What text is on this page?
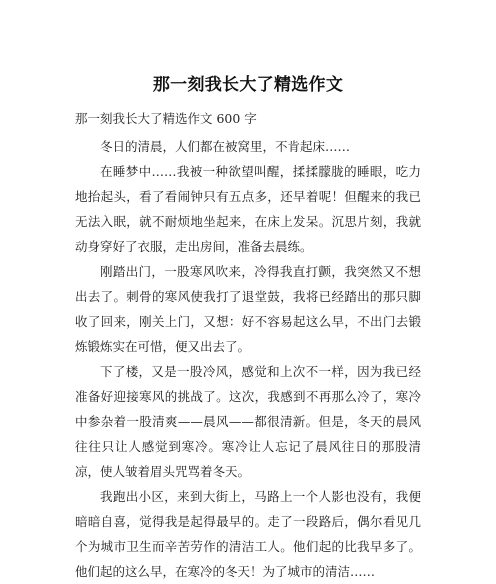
那一刻我长大了精选作文
那一刻我长大了精选作文 600 字

冬日的清晨，人们都在被窝里，不肯起床……

在睡梦中……我被一种欲望叫醒，揉揉朦胧的睡眼，吃力地抬起头，看了看闹钟只有五点多，还早着呢！但醒来的我已无法入眠，就不耐烦地坐起来，在床上发呆。沉思片刻，我就动身穿好了衣服，走出房间，准备去晨练。

刚踏出门，一股寒风吹来，冷得我直打颤，我突然又不想出去了。刺骨的寒风使我打了退堂鼓，我将已经踏出的那只脚收了回来，刚关上门，又想：好不容易起这么早，不出门去锻炼锻炼实在可惜，便又出去了。

下了楼，又是一股冷风，感觉和上次不一样，因为我已经准备好迎接寒风的挑战了。这次，我感到不再那么冷了，寒冷中参杂着一股清爽——晨风——都很清新。但是，冬天的晨风往往只让人感觉到寒冷。寒冷让人忘记了晨风往日的那股清凉，使人皱着眉头咒骂着冬天。

我跑出小区，来到大街上，马路上一个人影也没有，我便暗暗自喜，觉得我是起得最早的。走了一段路后，偶尔看见几个为城市卫生而辛苦劳作的清洁工人。他们起的比我早多了。他们起的这么早，在寒冷的冬天！为了城市的清洁……
